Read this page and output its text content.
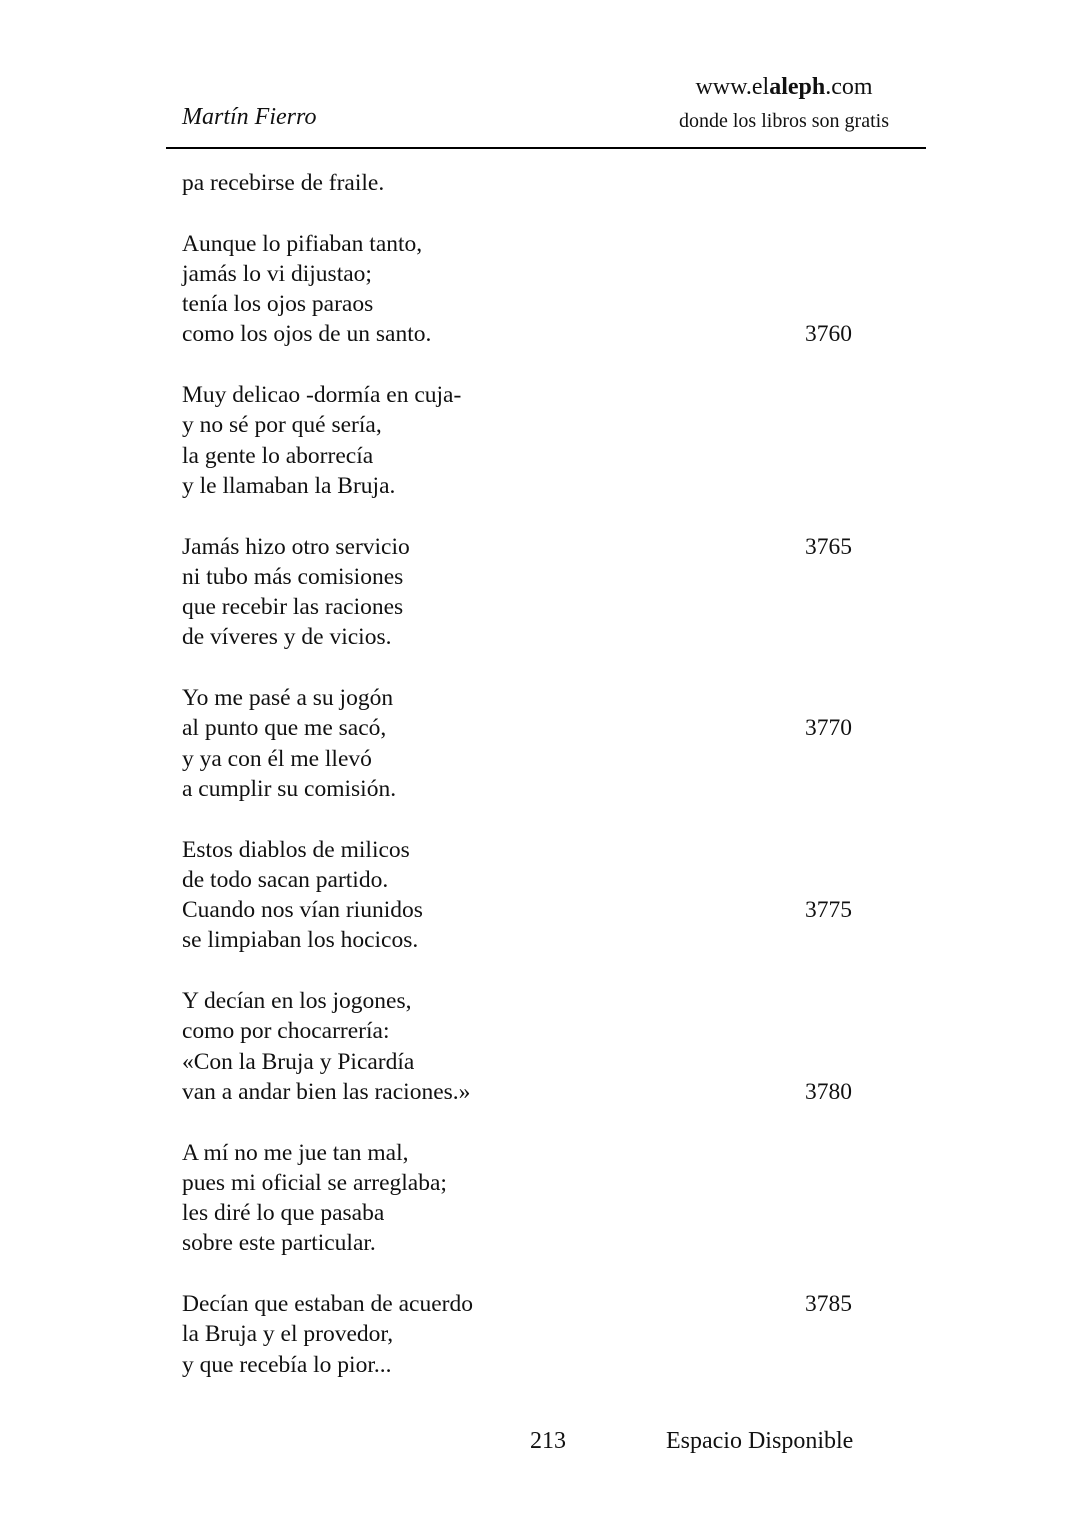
Martín Fierro
www.elaleph.com
donde los libros son gratis
pa recebirse de fraile.
Aunque lo pifiaban tanto,
jamás lo vi dijustao;
tenía los ojos paraos
como los ojos de un santo.	3760
Muy delicao -dormía en cuja-
y no sé por qué sería,
la gente lo aborrecía
y le llamaban la Bruja.
Jamás hizo otro servicio	3765
ni tubo más comisiones
que recebir las raciones
de víveres y de vicios.
Yo me pasé a su jogón
al punto que me sacó,	3770
y ya con él me llevó
a cumplir su comisión.
Estos diablos de milicos
de todo sacan partido.
Cuando nos vían riunidos	3775
se limpiaban los hocicos.
Y decían en los jogones,
como por chocarrería:
«Con la Bruja y Picardía
van a andar bien las raciones.»	3780
A mí no me jue tan mal,
pues mi oficial se arreglaba;
les diré lo que pasaba
sobre este particular.
Decían que estaban de acuerdo	3785
la Bruja y el provedor,
y que recebía lo pior...
213	Espacio Disponible
